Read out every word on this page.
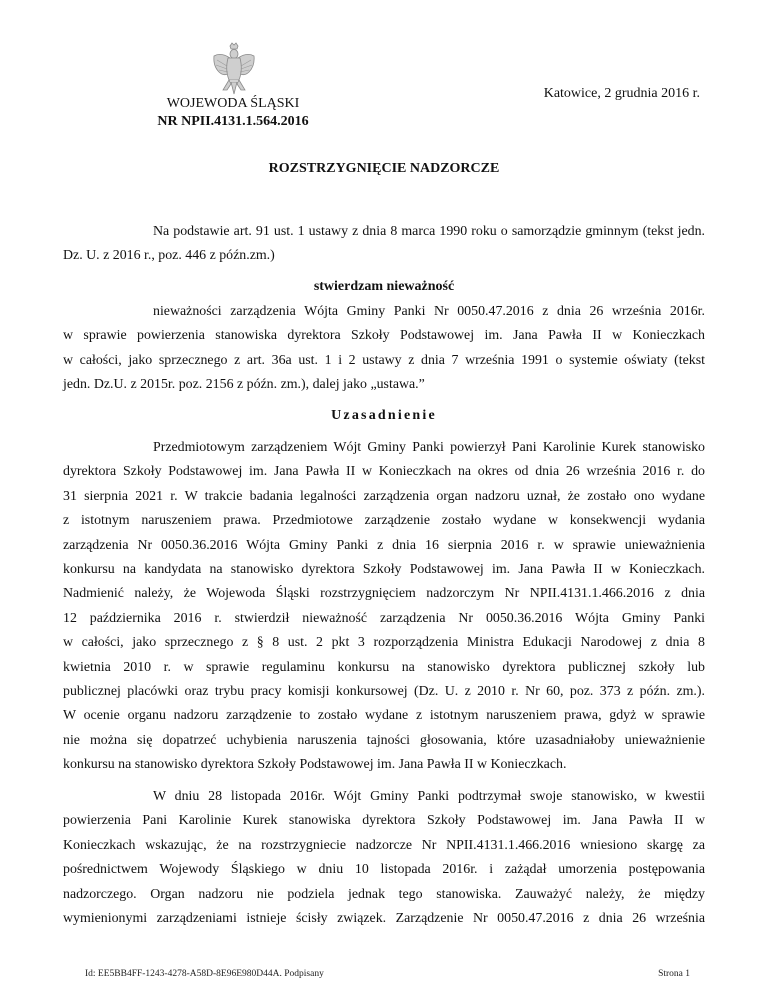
WOJEWODA ŚLĄSKI
NR NPII.4131.1.564.2016
Katowice, 2 grudnia 2016 r.
ROZSTRZYGNIĘCIE NADZORCZE
Na podstawie art. 91 ust. 1 ustawy z dnia 8 marca 1990 roku o samorządzie gminnym (tekst jedn.
Dz. U. z 2016 r., poz. 446 z późn.zm.)
stwierdzam nieważność
nieważności zarządzenia Wójta Gminy Panki Nr 0050.47.2016 z dnia 26 września 2016r.
w sprawie powierzenia stanowiska dyrektora Szkoły Podstawowej im. Jana Pawła II w Konieczkach
w całości, jako sprzecznego z art. 36a ust. 1 i 2 ustawy z dnia 7 września 1991 o systemie oświaty (tekst
jedn. Dz.U. z 2015r. poz. 2156 z późn. zm.), dalej jako „ustawa.”
Uzasadnienie
Przedmiotowym zarządzeniem Wójt Gminy Panki powierzył Pani Karolinie Kurek stanowisko
dyrektora Szkoły Podstawowej im. Jana Pawła II w Konieczkach na okres od dnia 26 września 2016 r. do
31 sierpnia 2021 r. W trakcie badania legalności zarządzenia organ nadzoru uznał, że zostało ono wydane
z istotnym naruszeniem prawa. Przedmiotowe zarządzenie zostało wydane w konsekwencji wydania
zarządzenia Nr 0050.36.2016 Wójta Gminy Panki z dnia 16 sierpnia 2016 r. w sprawie unieważnienia
konkursu na kandydata na stanowisko dyrektora Szkoły Podstawowej im. Jana Pawła II w Konieczkach.
Nadmienić należy, że Wojewoda Śląski rozstrzygnięciem nadzorczym Nr NPII.4131.1.466.2016 z dnia
12 października 2016 r. stwierdził nieważność zarządzenia Nr 0050.36.2016 Wójta Gminy Panki
w całości, jako sprzecznego z § 8 ust. 2 pkt 3 rozporządzenia Ministra Edukacji Narodowej z dnia 8
kwietnia 2010 r. w sprawie regulaminu konkursu na stanowisko dyrektora publicznej szkoły lub
publicznej placówki oraz trybu pracy komisji konkursowej (Dz. U. z 2010 r. Nr 60, poz. 373 z późn. zm.).
W ocenie organu nadzoru zarządzenie to zostało wydane z istotnym naruszeniem prawa, gdyż w sprawie
nie można się dopatrzeć uchybienia naruszenia tajności głosowania, które uzasadniałoby unieważnienie
konkursu na stanowisko dyrektora Szkoły Podstawowej im. Jana Pawła II w Konieczkach.
W dniu 28 listopada 2016r. Wójt Gminy Panki podtrzymał swoje stanowisko, w kwestii
powierzenia Pani Karolinie Kurek stanowiska dyrektora Szkoły Podstawowej im. Jana Pawła II w
Konieczkach wskazując, że na rozstrzygniecie nadzorcze Nr NPII.4131.1.466.2016 wniesiono skargę za
pośrednictwem Wojewody Śląskiego w dniu 10 listopada 2016r. i zażądał umorzenia postępowania
nadzorczego. Organ nadzoru nie podziela jednak tego stanowiska. Zauważyć należy, że między
wymienionymi zarządzeniami istnieje ścisły związek. Zarządzenie Nr 0050.47.2016 z dnia 26 września
Id: EE5BB4FF-1243-4278-A58D-8E96E980D44A. Podpisany	Strona 1
